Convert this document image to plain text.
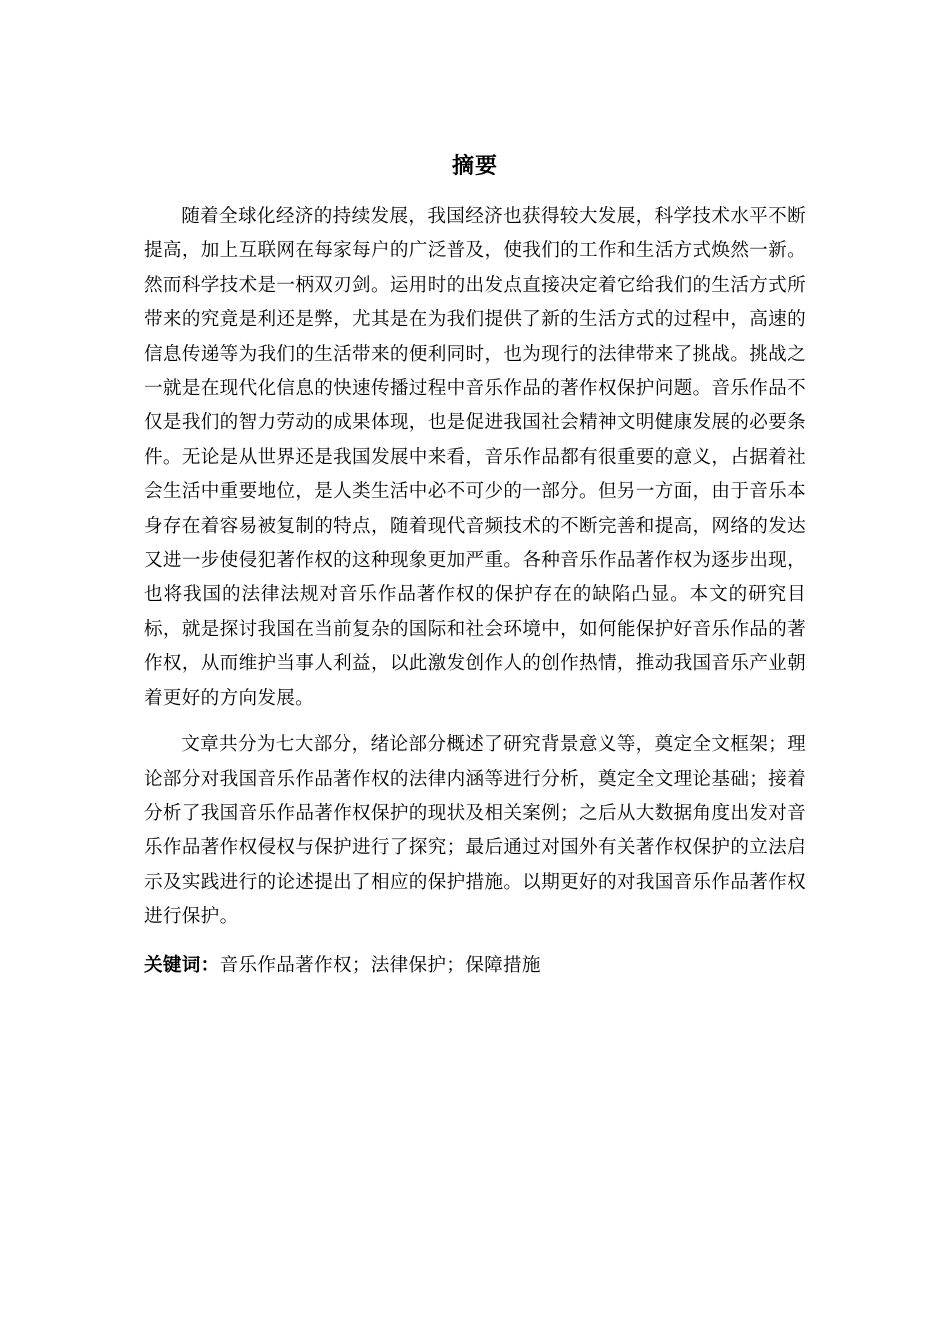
摘要

随着全球化经济的持续发展，我国经济也获得较大发展，科学技术水平不断提高，加上互联网在每家每户的广泛普及，使我们的工作和生活方式焕然一新。然而科学技术是一柄双刃剑。运用时的出发点直接决定着它给我们的生活方式所带来的究竟是利还是弊，尤其是在为我们提供了新的生活方式的过程中，高速的信息传递等为我们的生活带来的便利同时，也为现行的法律带来了挑战。挑战之一就是在现代化信息的快速传播过程中音乐作品的著作权保护问题。音乐作品不仅是我们的智力劳动的成果体现，也是促进我国社会精神文明健康发展的必要条件。无论是从世界还是我国发展中来看，音乐作品都有很重要的意义，占据着社会生活中重要地位，是人类生活中必不可少的一部分。但另一方面，由于音乐本身存在着容易被复制的特点，随着现代音频技术的不断完善和提高，网络的发达又进一步使侵犯著作权的这种现象更加严重。各种音乐作品著作权为逐步出现，也将我国的法律法规对音乐作品著作权的保护存在的缺陷凸显。本文的研究目标，就是探讨我国在当前复杂的国际和社会环境中，如何能保护好音乐作品的著作权，从而维护当事人利益，以此激发创作人的创作热情，推动我国音乐产业朝着更好的方向发展。

文章共分为七大部分，绪论部分概述了研究背景意义等，奠定全文框架；理论部分对我国音乐作品著作权的法律内涵等进行分析，奠定全文理论基础；接着分析了我国音乐作品著作权保护的现状及相关案例；之后从大数据角度出发对音乐作品著作权侵权与保护进行了探究；最后通过对国外有关著作权保护的立法启示及实践进行的论述提出了相应的保护措施。以期更好的对我国音乐作品著作权进行保护。

关键词：音乐作品著作权；法律保护；保障措施
